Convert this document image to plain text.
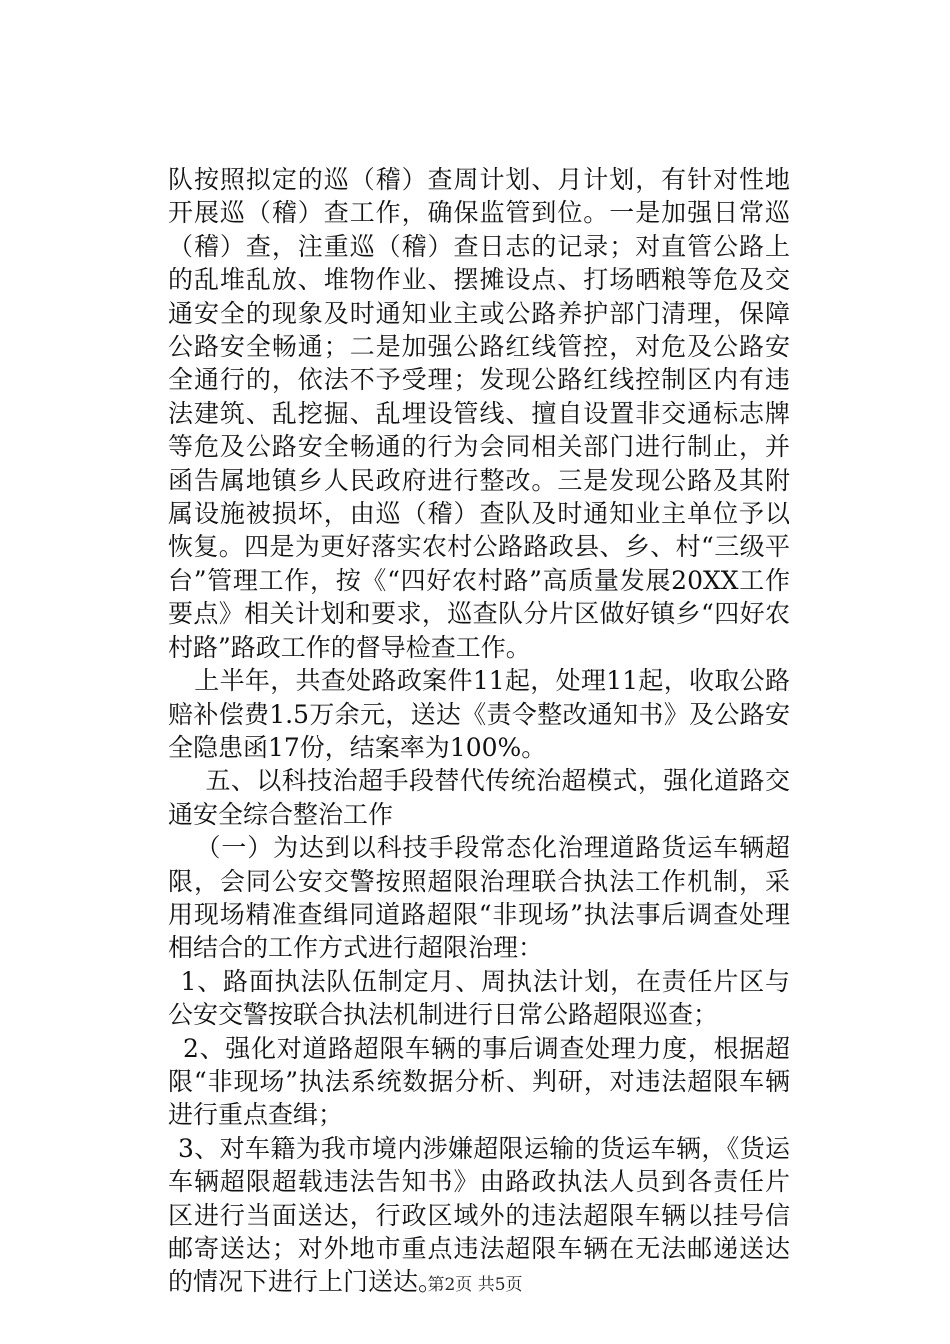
队按照拟定的巡（稽）查周计划、月计划，有针对性地开展巡（稽）查工作，确保监管到位。一是加强日常巡（稽）查，注重巡（稽）查日志的记录；对直管公路上的乱堆乱放、堆物作业、摆摊设点、打场晒粮等危及交通安全的现象及时通知业主或公路养护部门清理，保障公路安全畅通；二是加强公路红线管控，对危及公路安全通行的，依法不予受理；发现公路红线控制区内有违法建筑、乱挖掘、乱埋设管线、擅自设置非交通标志牌等危及公路安全畅通的行为会同相关部门进行制止，并函告属地镇乡人民政府进行整改。三是发现公路及其附属设施被损坏，由巡（稽）查队及时通知业主单位予以恢复。四是为更好落实农村公路路政县、乡、村“三级平台”管理工作，按《“四好农村路”高质量发展20XX工作要点》相关计划和要求，巡查队分片区做好镇乡“四好农村路”路政工作的督导检查工作。

上半年，共查处路政案件11起，处理11起，收取公路赔补偿费1.5万余元，送达《责令整改通知书》及公路安全隐患函17份，结案率为100%。

五、以科技治超手段替代传统治超模式，强化道路交通安全综合整治工作

（一）为达到以科技手段常态化治理道路货运车辆超限，会同公安交警按照超限治理联合执法工作机制，采用现场精准查缉同道路超限“非现场”执法事后调查处理相结合的工作方式进行超限治理：

1、路面执法队伍制定月、周执法计划，在责任片区与公安交警按联合执法机制进行日常公路超限巡查；

2、强化对道路超限车辆的事后调查处理力度，根据超限“非现场”执法系统数据分析、判研，对违法超限车辆进行重点查缉；

3、对车籍为我市境内涉嫌超限运输的货运车辆，《货运车辆超限超载违法告知书》由路政执法人员到各责任片区进行当面送达，行政区域外的违法超限车辆以挂号信邮寄送达；对外地市重点违法超限车辆在无法邮递送达的情况下进行上门送达。

第2页 共5页
